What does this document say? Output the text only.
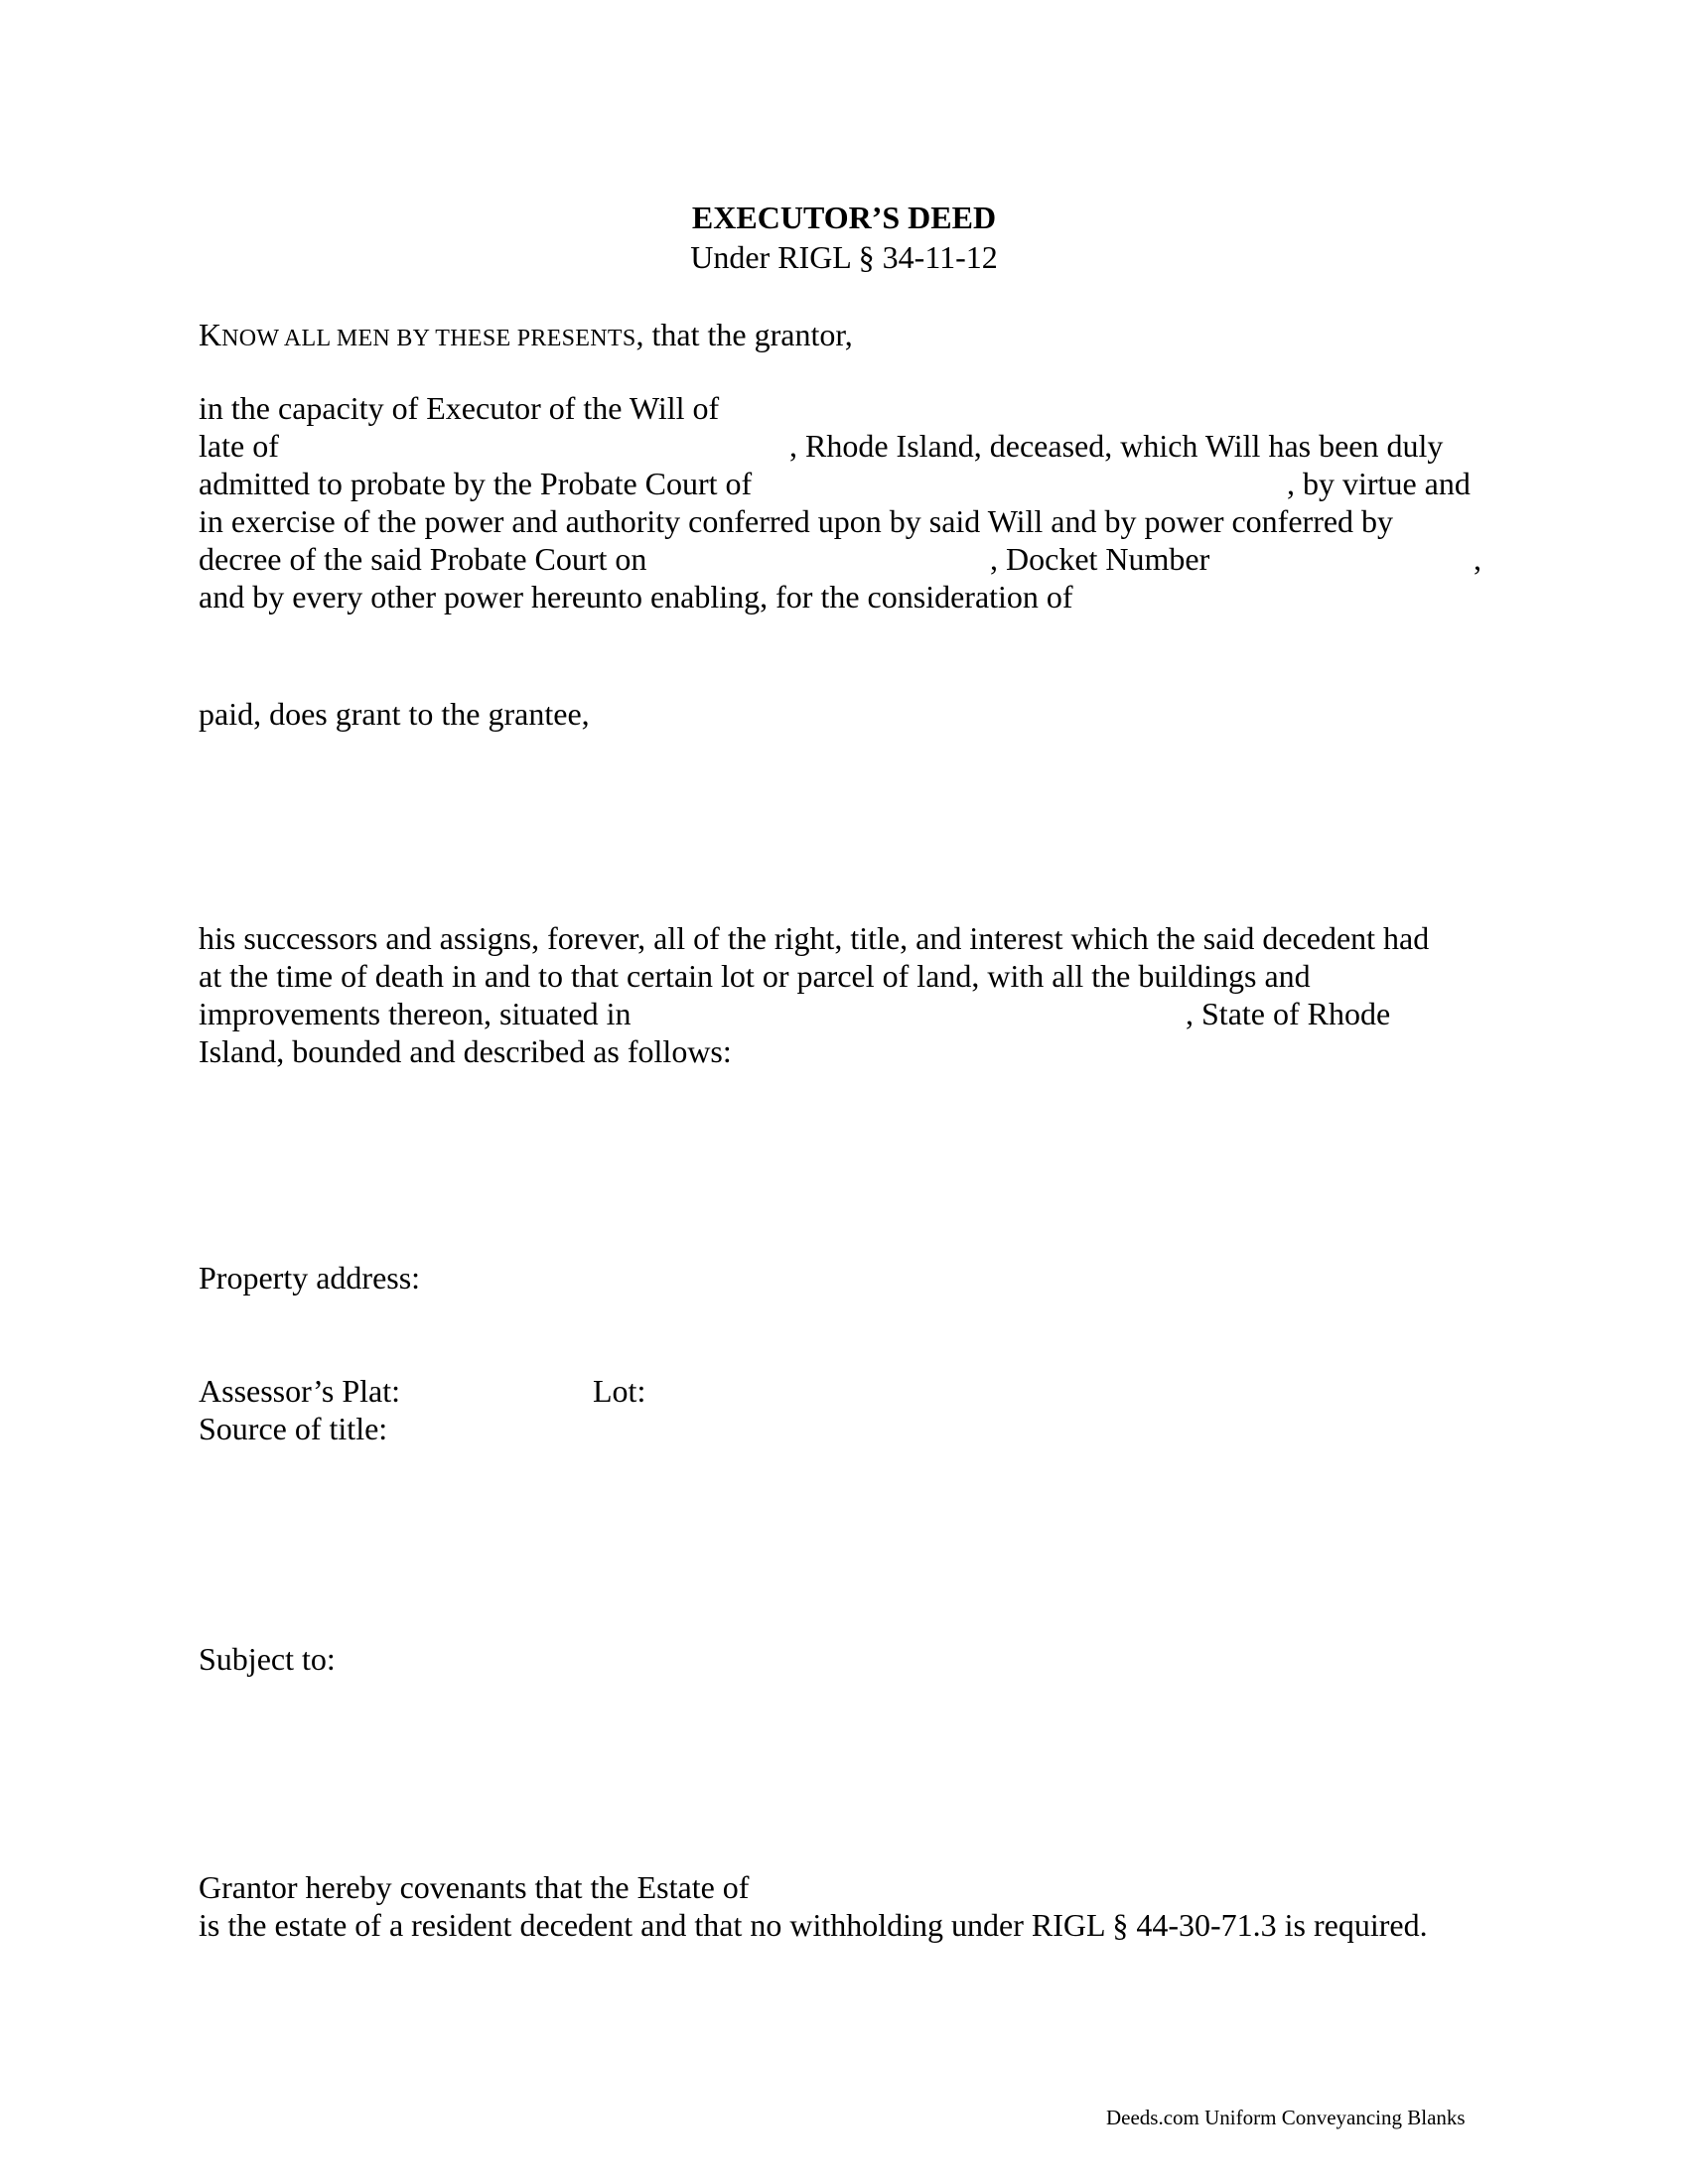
EXECUTOR’S DEED
Under RIGL § 34-11-12
KNOW ALL MEN BY THESE PRESENTS, that the grantor,
in the capacity of Executor of the Will of
late of	, Rhode Island, deceased, which Will has been duly
admitted to probate by the Probate Court of	, by virtue and
in exercise of the power and authority conferred upon by said Will and by power conferred by
decree of the said Probate Court on	, Docket Number	,
and by every other power hereunto enabling, for the consideration of
paid, does grant to the grantee,
his successors and assigns, forever, all of the right, title, and interest which the said decedent had
at the time of death in and to that certain lot or parcel of land, with all the buildings and
improvements thereon, situated in	, State of Rhode
Island, bounded and described as follows:
Property address:
Assessor’s Plat:	Lot:
Source of title:
Subject to:
Grantor hereby covenants that the Estate of
is the estate of a resident decedent and that no withholding under RIGL § 44-30-71.3 is required.
Deeds.com Uniform Conveyancing Blanks
